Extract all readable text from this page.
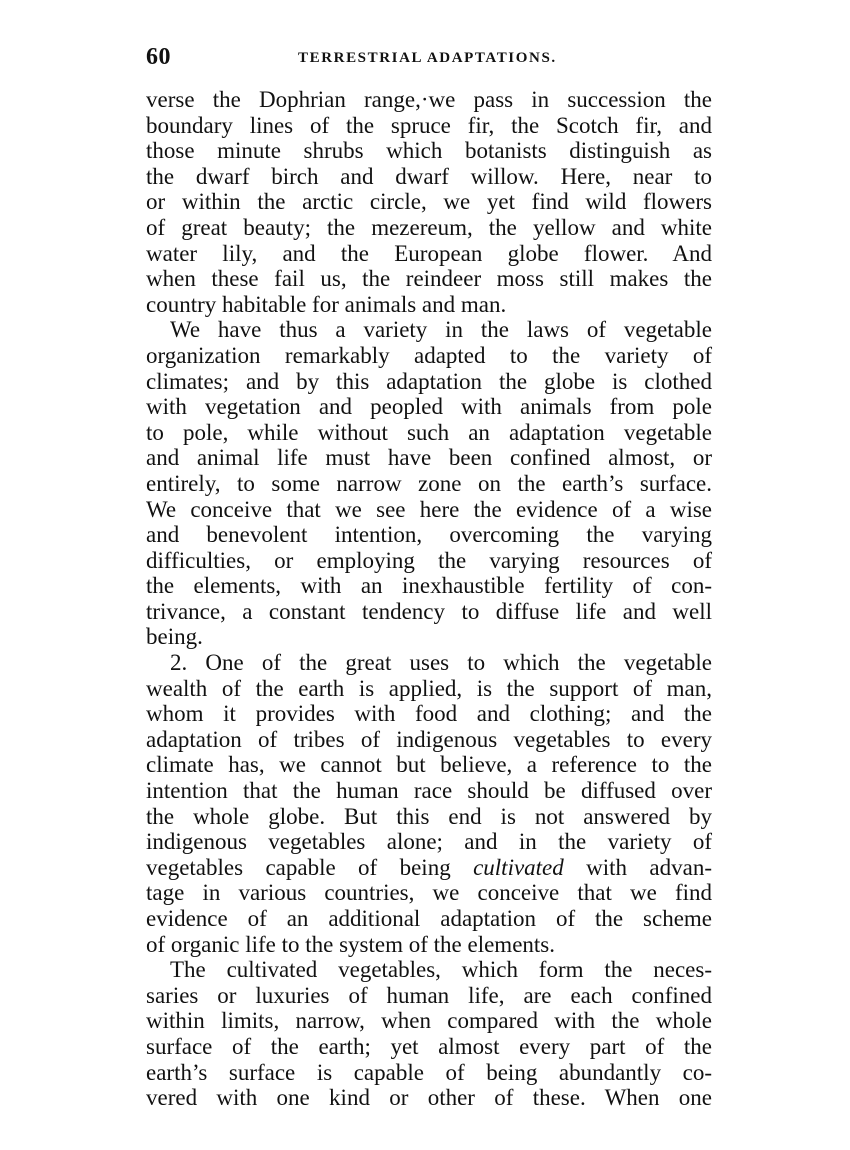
60	TERRESTRIAL ADAPTATIONS.
verse the Dophrian range,·we pass in succession the
boundary lines of the spruce fir, the Scotch fir, and
those minute shrubs which botanists distinguish as
the dwarf birch and dwarf willow. Here, near to
or within the arctic circle, we yet find wild flowers
of great beauty; the mezereum, the yellow and white
water lily, and the European globe flower. And
when these fail us, the reindeer moss still makes the
country habitable for animals and man.
We have thus a variety in the laws of vegetable
organization remarkably adapted to the variety of
climates; and by this adaptation the globe is clothed
with vegetation and peopled with animals from pole
to pole, while without such an adaptation vegetable
and animal life must have been confined almost, or
entirely, to some narrow zone on the earth’s surface.
We conceive that we see here the evidence of a wise
and benevolent intention, overcoming the varying
difficulties, or employing the varying resources of
the elements, with an inexhaustible fertility of con-
trivance, a constant tendency to diffuse life and well
being.
2. One of the great uses to which the vegetable
wealth of the earth is applied, is the support of man,
whom it provides with food and clothing; and the
adaptation of tribes of indigenous vegetables to every
climate has, we cannot but believe, a reference to the
intention that the human race should be diffused over
the whole globe. But this end is not answered by
indigenous vegetables alone; and in the variety of
vegetables capable of being cultivated with advan-
tage in various countries, we conceive that we find
evidence of an additional adaptation of the scheme
of organic life to the system of the elements.
The cultivated vegetables, which form the neces-
saries or luxuries of human life, are each confined
within limits, narrow, when compared with the whole
surface of the earth; yet almost every part of the
earth’s surface is capable of being abundantly co-
vered with one kind or other of these. When one
